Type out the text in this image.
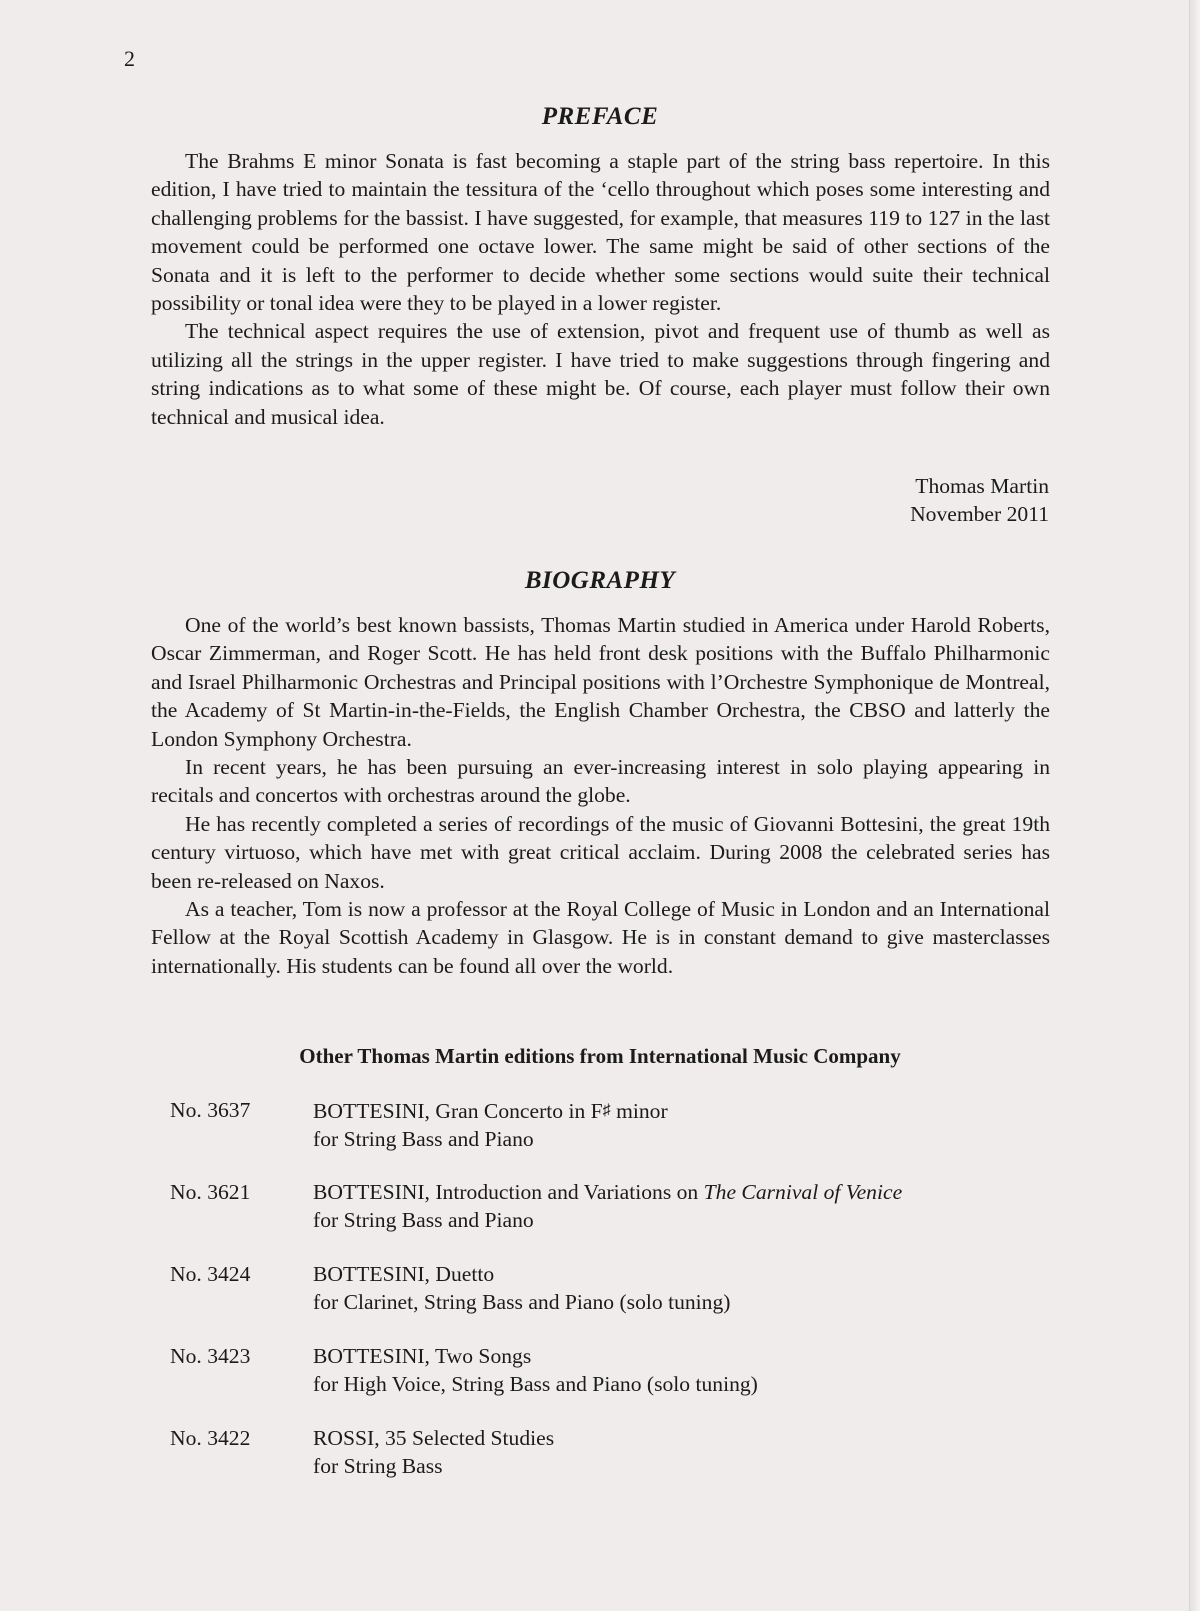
2
PREFACE

The Brahms E minor Sonata is fast becoming a staple part of the string bass repertoire. In this edition, I have tried to maintain the tessitura of the ‘cello throughout which poses some interesting and challenging problems for the bassist. I have suggested, for example, that measures 119 to 127 in the last movement could be performed one octave lower. The same might be said of other sections of the Sonata and it is left to the performer to decide whether some sections would suite their technical possibility or tonal idea were they to be played in a lower register.

The technical aspect requires the use of extension, pivot and frequent use of thumb as well as utilizing all the strings in the upper register. I have tried to make suggestions through fingering and string indications as to what some of these might be. Of course, each player must follow their own technical and musical idea.

Thomas Martin
November 2011
BIOGRAPHY

One of the world’s best known bassists, Thomas Martin studied in America under Harold Roberts, Oscar Zimmerman, and Roger Scott. He has held front desk positions with the Buffalo Philharmonic and Israel Philharmonic Orchestras and Principal positions with l’Orchestre Symphonique de Montreal, the Academy of St Martin-in-the-Fields, the English Chamber Orchestra, the CBSO and latterly the London Symphony Orchestra.

In recent years, he has been pursuing an ever-increasing interest in solo playing appearing in recitals and concertos with orchestras around the globe.

He has recently completed a series of recordings of the music of Giovanni Bottesini, the great 19th century virtuoso, which have met with great critical acclaim. During 2008 the celebrated series has been re-released on Naxos.

As a teacher, Tom is now a professor at the Royal College of Music in London and an International Fellow at the Royal Scottish Academy in Glasgow. He is in constant demand to give masterclasses internationally. His students can be found all over the world.

Other Thomas Martin editions from International Music Company
No. 3637	BOTTESINI, Gran Concerto in F♯ minor
for String Bass and Piano
No. 3621	BOTTESINI, Introduction and Variations on The Carnival of Venice
for String Bass and Piano
No. 3424	BOTTESINI, Duetto
for Clarinet, String Bass and Piano (solo tuning)
No. 3423	BOTTESINI, Two Songs
for High Voice, String Bass and Piano (solo tuning)
No. 3422	ROSSI, 35 Selected Studies
for String Bass
